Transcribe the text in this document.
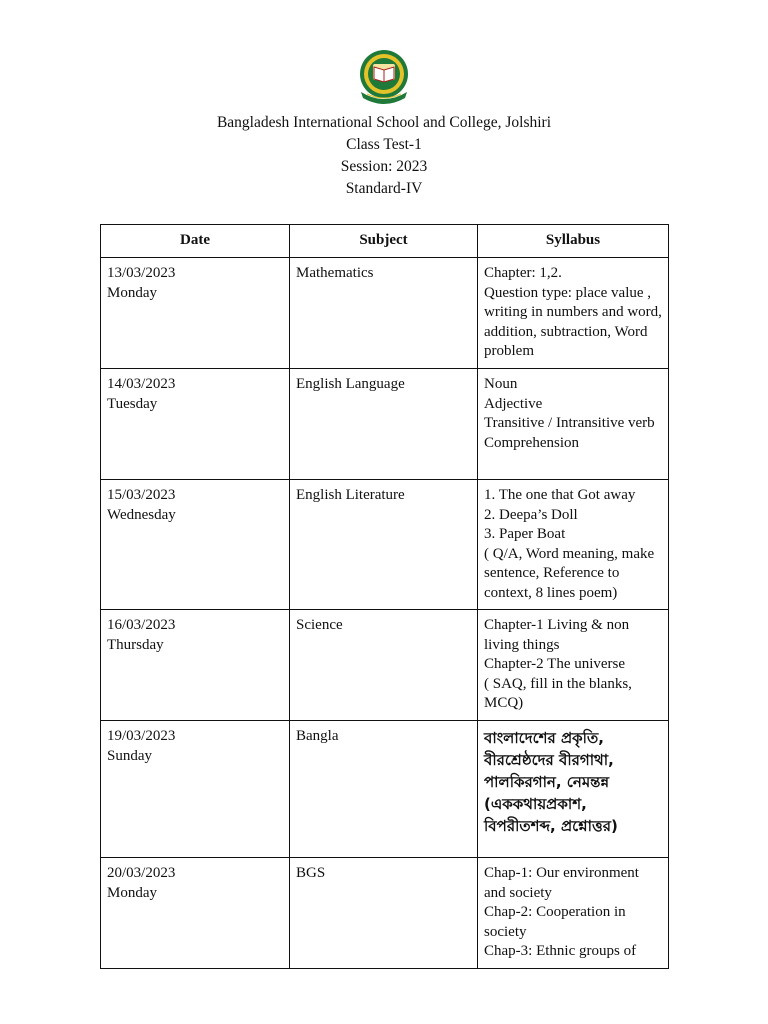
Bangladesh International School and College, Jolshiri
Class Test-1
Session: 2023
Standard-IV
Date	Subject	Syllabus

13/03/2023
Monday	Mathematics	Chapter: 1,2.
Question type: place value , writing in numbers and word, addition, subtraction, Word problem

14/03/2023
Tuesday	English Language	Noun
Adjective
Transitive / Intransitive verb
Comprehension

15/03/2023
Wednesday	English Literature	1. The one that Got away
2. Deepa’s Doll
3. Paper Boat
( Q/A, Word meaning, make sentence, Reference to context, 8 lines poem)

16/03/2023
Thursday	Science	Chapter-1 Living & non living things
Chapter-2 The universe
( SAQ, fill in the blanks, MCQ)

19/03/2023
Sunday	Bangla	বাংলাদেশের প্রকৃতি, বীরশ্রেষ্ঠদের বীরগাথা, পালকিরগান, নেমন্তন্ন (এককথায়প্রকাশ, বিপরীতশব্দ, প্রশ্নোত্তর)

20/03/2023
Monday	BGS	Chap-1: Our environment and society
Chap-2: Cooperation in society
Chap-3: Ethnic groups of
